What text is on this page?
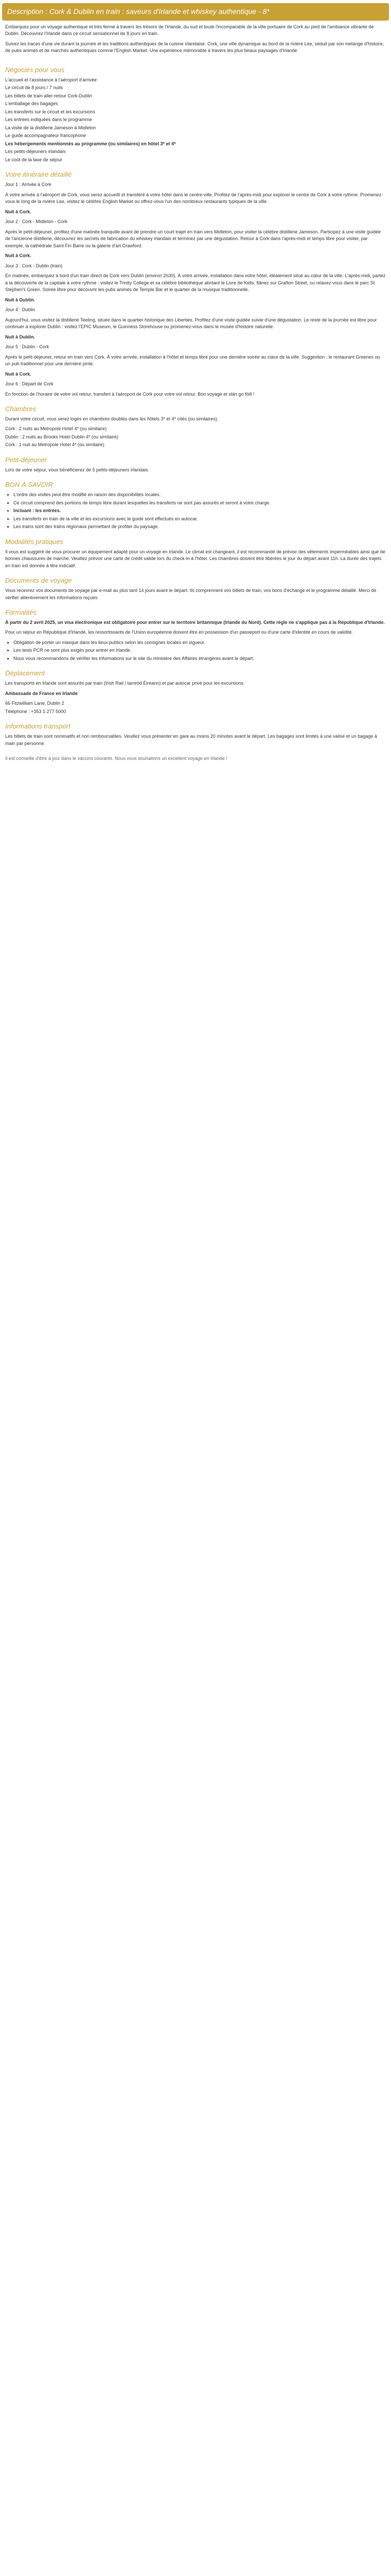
Description : Cork & Dublin en train : saveurs d'Irlande et whiskey authentique - 8*

Embarquez pour un voyage authentique et très fermé à travers les trésors de l'Irlande, du sud et toute l'incomparable de la ville portuaire de Cork au pied de l'ambiance vibrante de Dublin. Découvrez l'Irlande dans ce circuit sensationnel de 8 jours en train.

Suivez les traces d'une vie durant la journée et les traditions authentiques de la cuisine irlandaise. Cork, une ville dynamique au bord de la rivière Lee, séduit par son mélange d'histoire, de pubs animés et de marchés authentiques comme l'English Market. Une expérience mémorable à travers les plus beaux paysages d'Irlande.

Négociés pour vous
L'accueil et l'assistance à l'aéroport d'arrivée
Le circuit de 8 jours / 7 nuits
Les billets de train aller-retour Cork-Dublin
L'emballage des bagages
Les transferts sur le circuit et les excursions
Les entrées indiquées dans le programme
La visite de la distillerie Jameson à Midleton
Le guide accompagnateur francophone
Les hébergements mentionnés au programme (ou similaires) en hôtel 3* et 4*
Les petits-déjeuners irlandais
Le coût de la taxe de séjour
Votre itinéraire détaillé

Jour 1 : Arrivée à Cork

À votre arrivée à l'aéroport de Cork, vous serez accueilli et transféré à votre hôtel dans le centre-ville. Profitez de l'après-midi pour explorer le centre de Cork à votre rythme. Promenez-vous le long de la rivière Lee, visitez le célèbre English Market ou offrez-vous l'un des nombreux restaurants typiques de la ville.

Nuit à Cork.

Jour 2 : Cork - Midleton - Cork

Après le petit-déjeuner, profitez d'une matinée tranquille avant de prendre un court trajet en train vers Midleton, pour visiter la célèbre distillerie Jameson. Participez à une visite guidée de l'ancienne distillerie, découvrez les secrets de fabrication du whiskey irlandais et terminez par une dégustation. Retour à Cork dans l'après-midi et temps libre pour visiter, par exemple, la cathédrale Saint Fin Barre ou la galerie d'art Crawford.

Nuit à Cork.

Jour 3 : Cork - Dublin (train)

En matinée, embarquez à bord d'un train direct de Cork vers Dublin (environ 2h30). À votre arrivée, installation dans votre hôtel, idéalement situé au cœur de la ville. L'après-midi, partez à la découverte de la capitale à votre rythme : visitez le Trinity College et sa célèbre bibliothèque abritant le Livre de Kells, flânez sur Grafton Street, ou relaxez-vous dans le parc St Stephen's Green. Soirée libre pour découvrir les pubs animés de Temple Bar et le quartier de la musique traditionnelle.

Nuit à Dublin.

Jour 4 : Dublin

Aujourd'hui, vous visitez la distillerie Teeling, située dans le quartier historique des Liberties. Profitez d'une visite guidée suivie d'une dégustation. Le reste de la journée est libre pour continuer à explorer Dublin : visitez l'EPIC Museum, le Guinness Storehouse ou promenez-vous dans le musée d'histoire naturelle.

Nuit à Dublin.

Jour 5 : Dublin - Cork

Après le petit-déjeuner, retour en train vers Cork. À votre arrivée, installation à l'hôtel et temps libre pour une dernière soirée au cœur de la ville. Suggestion : le restaurant Greenes ou un pub traditionnel pour une dernière pinte.

Nuit à Cork.

Jour 6 : Départ de Cork

En fonction de l'horaire de votre vol retour, transfert à l'aéroport de Cork pour votre vol retour. Bon voyage et slàn go fóill !

Chambres

Durant votre circuit, vous serez logés en chambres doubles dans les hôtels 3* et 4* cités (ou similaires).

Cork : 2 nuits au Metropole Hotel 4* (ou similaire)
Dublin : 2 nuits au Brooks Hotel Dublin 4* (ou similaire)
Cork : 1 nuit au Metropole Hotel 4* (ou similaire)
Petit-déjeuner

Lors de votre séjour, vous bénéficierez de 5 petits-déjeuners irlandais.

BON À SAVOIR
• L'ordre des visites peut être modifié en raison des disponibilités locales.
• Ce circuit comprend des portions de temps libre durant lesquelles les transferts ne sont pas assurés et seront à votre charge.
• Incluant : les entrées.
• Les transferts en train de la ville et les excursions avec le guide sont effectués en autocar.
• Les trains sont des trains régionaux permettant de profiter du paysage.
Modalités pratiques

Il vous est suggéré de vous procurer un équipement adapté pour un voyage en Irlande. Le climat est changeant, il est recommandé de prévoir des vêtements imperméables ainsi que de bonnes chaussures de marche. Veuillez prévoir une carte de crédit valide lors du check-in à l'hôtel. Les chambres doivent être libérées le jour du départ avant 11h. La durée des trajets en train est donnée à titre indicatif.

Documents de voyage

Vous recevrez vos documents de voyage par e-mail au plus tard 14 jours avant le départ. Ils comprennent vos billets de train, vos bons d'échange et le programme détaillé. Merci de vérifier attentivement les informations reçues.

Formalités

À partir du 2 avril 2025, un visa électronique est obligatoire pour entrer sur le territoire britannique (Irlande du Nord). Cette règle ne s'applique pas à la République d'Irlande.

Pour un séjour en République d'Irlande, les ressortissants de l'Union européenne doivent être en possession d'un passeport ou d'une carte d'identité en cours de validité.

• Obligation de porter un masque dans les lieux publics selon les consignes locales en vigueur.
• Les tests PCR ne sont plus exigés pour entrer en Irlande.
• Nous vous recommandons de vérifier les informations sur le site du ministère des Affaires étrangères avant le départ.
Déplacement

Les transports en Irlande sont assurés par train (Irish Rail / Iarnród Éireann) et par autocar privé pour les excursions.

Ambassade de France en Irlande

66 Fitzwilliam Lane, Dublin 2
Téléphone : +353 1 277 5000
Informations transport

Les billets de train sont nominatifs et non remboursables. Veuillez vous présenter en gare au moins 20 minutes avant le départ. Les bagages sont limités à une valise et un bagage à main par personne.

Il est conseillé d'être à jour dans le vaccins courants. Nous vous souhaitons un excellent voyage en Irlande !
